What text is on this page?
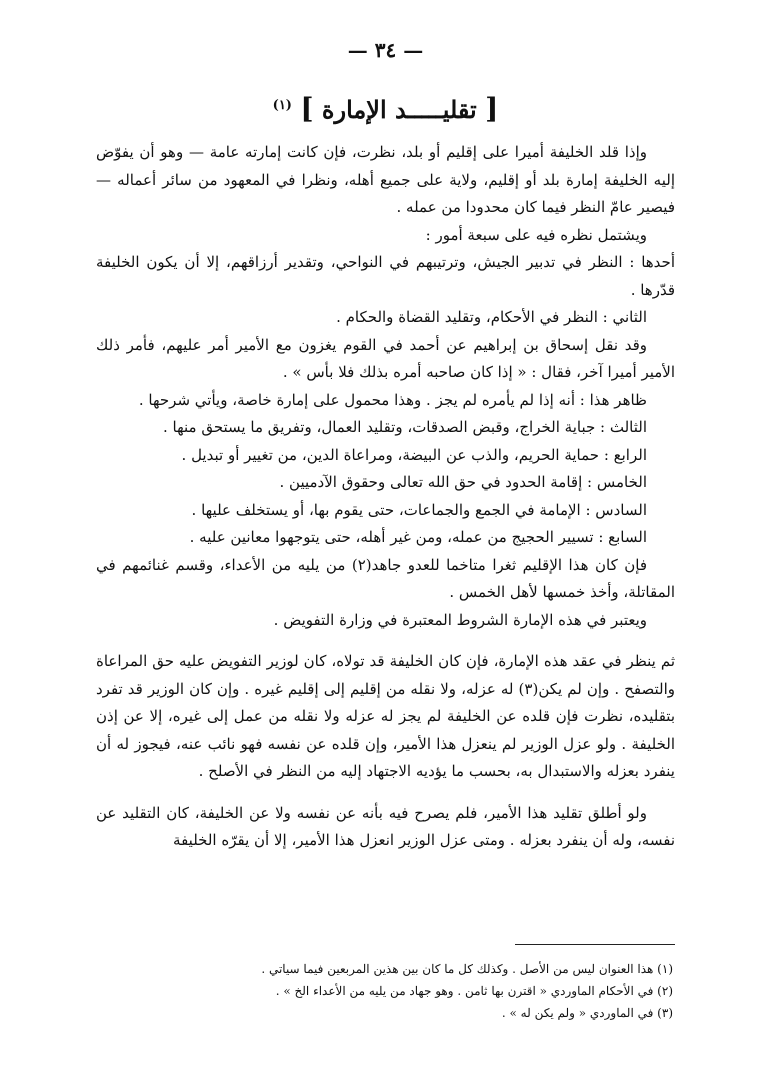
— ٣٤ —
[ تقليـــــد الإمارة ] $^{(١)}$

وإذا قلد الخليفة أميرا على إقليم أو بلد، نظرت، فإن كانت إمارته عامة — وهو أن يفوّض إليه الخليفة إمارة بلد أو إقليم، ولاية على جميع أهله، ونظرا في المعهود من سائر أعماله — فيصير عامّ النظر فيما كان محدودا من عمله .

ويشتمل نظره فيه على سبعة أمور :

أحدها : النظر في تدبير الجيش، وترتيبهم في النواحي، وتقدير أرزاقهم، إلا أن يكون الخليفة قدّرها .

الثاني : النظر في الأحكام، وتقليد القضاة والحكام .

وقد نقل إسحاق بن إبراهيم عن أحمد في القوم يغزون مع الأمير أمر عليهم، فأمر ذلك الأمير أميرا آخر، فقال : « إذا كان صاحبه أمره بذلك فلا بأس » .

ظاهر هذا : أنه إذا لم يأمره لم يجز . وهذا محمول على إمارة خاصة، ويأتي شرحها .

الثالث : جباية الخراج، وقبض الصدقات، وتقليد العمال، وتفريق ما يستحق منها .

الرابع : حماية الحريم، والذب عن البيضة، ومراعاة الدين، من تغيير أو تبديل .

الخامس : إقامة الحدود في حق الله تعالى وحقوق الآدميين .

السادس : الإمامة في الجمع والجماعات، حتى يقوم بها، أو يستخلف عليها .

السابع : تسيير الحجيج من عمله، ومن غير أهله، حتى يتوجهوا معانين عليه .

فإن كان هذا الإقليم ثغرا متاخما للعدو جاهد(٢) من يليه من الأعداء، وقسم غنائمهم في المقاتلة، وأخذ خمسها لأهل الخمس .

ويعتبر في هذه الإمارة الشروط المعتبرة في وزارة التفويض .

ثم ينظر في عقد هذه الإمارة، فإن كان الخليفة قد تولاه، كان لوزير التفويض عليه حق المراعاة والتصفح . وإن لم يكن(٣) له عزله، ولا نقله من إقليم إلى إقليم غيره . وإن كان الوزير قد تفرد بتقليده، نظرت فإن قلده عن الخليفة لم يجز له عزله ولا نقله من عمل إلى غيره، إلا عن إذن الخليفة . ولو عزل الوزير لم ينعزل هذا الأمير، وإن قلده عن نفسه فهو نائب عنه، فيجوز له أن ينفرد بعزله والاستبدال به، بحسب ما يؤديه الاجتهاد إليه من النظر في الأصلح .

ولو أطلق تقليد هذا الأمير، فلم يصرح فيه بأنه عن نفسه ولا عن الخليفة، كان التقليد عن نفسه، وله أن ينفرد بعزله . ومتى عزل الوزير انعزل هذا الأمير، إلا أن يقرّه الخليفة

(١) هذا العنوان ليس من الأصل . وكذلك كل ما كان بين هذين المربعين فيما سياتي .

(٢) في الأحكام الماوردي « اقترن بها ثامن . وهو جهاد من يليه من الأعداء الخ » .

(٣) في الماوردي « ولم يكن له » .
